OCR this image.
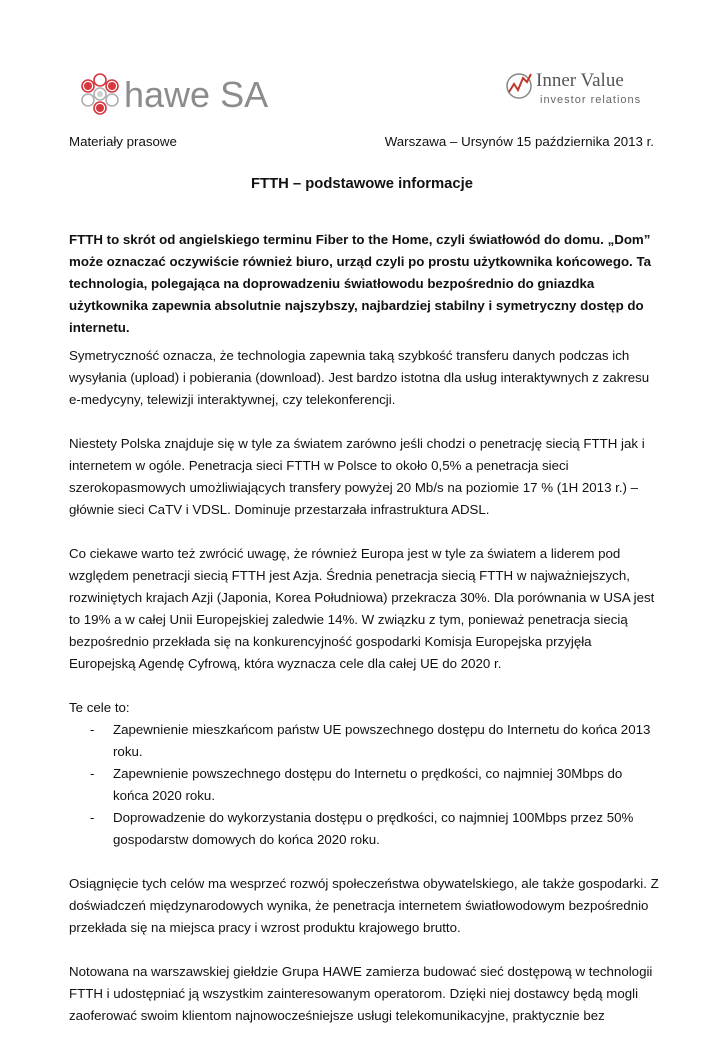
hawe SA	Inner Value
investor relations
Materiały prasowe	Warszawa – Ursynów 15 października 2013 r.
FTTH – podstawowe informacje

FTTH to skrót od angielskiego terminu Fiber to the Home, czyli światłowód do domu. „Dom” może oznaczać oczywiście również biuro, urząd czyli po prostu użytkownika końcowego. Ta technologia, polegająca na doprowadzeniu światłowodu bezpośrednio do gniazdka użytkownika zapewnia absolutnie najszybszy, najbardziej stabilny i symetryczny dostęp do internetu.

Symetryczność oznacza, że technologia zapewnia taką szybkość transferu danych podczas ich wysyłania (upload) i pobierania (download). Jest bardzo istotna dla usług interaktywnych z zakresu e-medycyny, telewizji interaktywnej, czy telekonferencji.

Niestety Polska znajduje się w tyle za światem zarówno jeśli chodzi o penetrację siecią FTTH jak i internetem w ogóle. Penetracja sieci FTTH w Polsce to około 0,5% a penetracja sieci szerokopasmowych umożliwiających transfery powyżej 20 Mb/s na poziomie 17 % (1H 2013 r.) – głównie sieci CaTV i VDSL. Dominuje przestarzała infrastruktura ADSL.

Co ciekawe warto też zwrócić uwagę, że również Europa jest w tyle za światem a liderem pod względem penetracji siecią FTTH jest Azja. Średnia penetracja siecią FTTH w najważniejszych, rozwiniętych krajach Azji (Japonia, Korea Południowa) przekracza 30%. Dla porównania w USA jest to 19% a w całej Unii Europejskiej zaledwie 14%. W związku z tym, ponieważ penetracja siecią bezpośrednio przekłada się na konkurencyjność gospodarki Komisja Europejska przyjęła Europejską Agendę Cyfrową, która wyznacza cele dla całej UE do 2020 r.

Te cele to:

- Zapewnienie mieszkańcom państw UE powszechnego dostępu do Internetu do końca 2013 roku.
- Zapewnienie powszechnego dostępu do Internetu o prędkości, co najmniej 30Mbps do końca 2020 roku.
- Doprowadzenie do wykorzystania dostępu o prędkości, co najmniej 100Mbps przez 50% gospodarstw domowych do końca 2020 roku.

Osiągnięcie tych celów ma wesprzeć rozwój społeczeństwa obywatelskiego, ale także gospodarki. Z doświadczeń międzynarodowych wynika, że penetracja internetem światłowodowym bezpośrednio przekłada się na miejsca pracy i wzrost produktu krajowego brutto.

Notowana na warszawskiej giełdzie Grupa HAWE zamierza budować sieć dostępową w technologii FTTH i udostępniać ją wszystkim zainteresowanym operatorom. Dzięki niej dostawcy będą mogli zaoferować swoim klientom najnowocześniejsze usługi telekomunikacyjne, praktycznie bez
